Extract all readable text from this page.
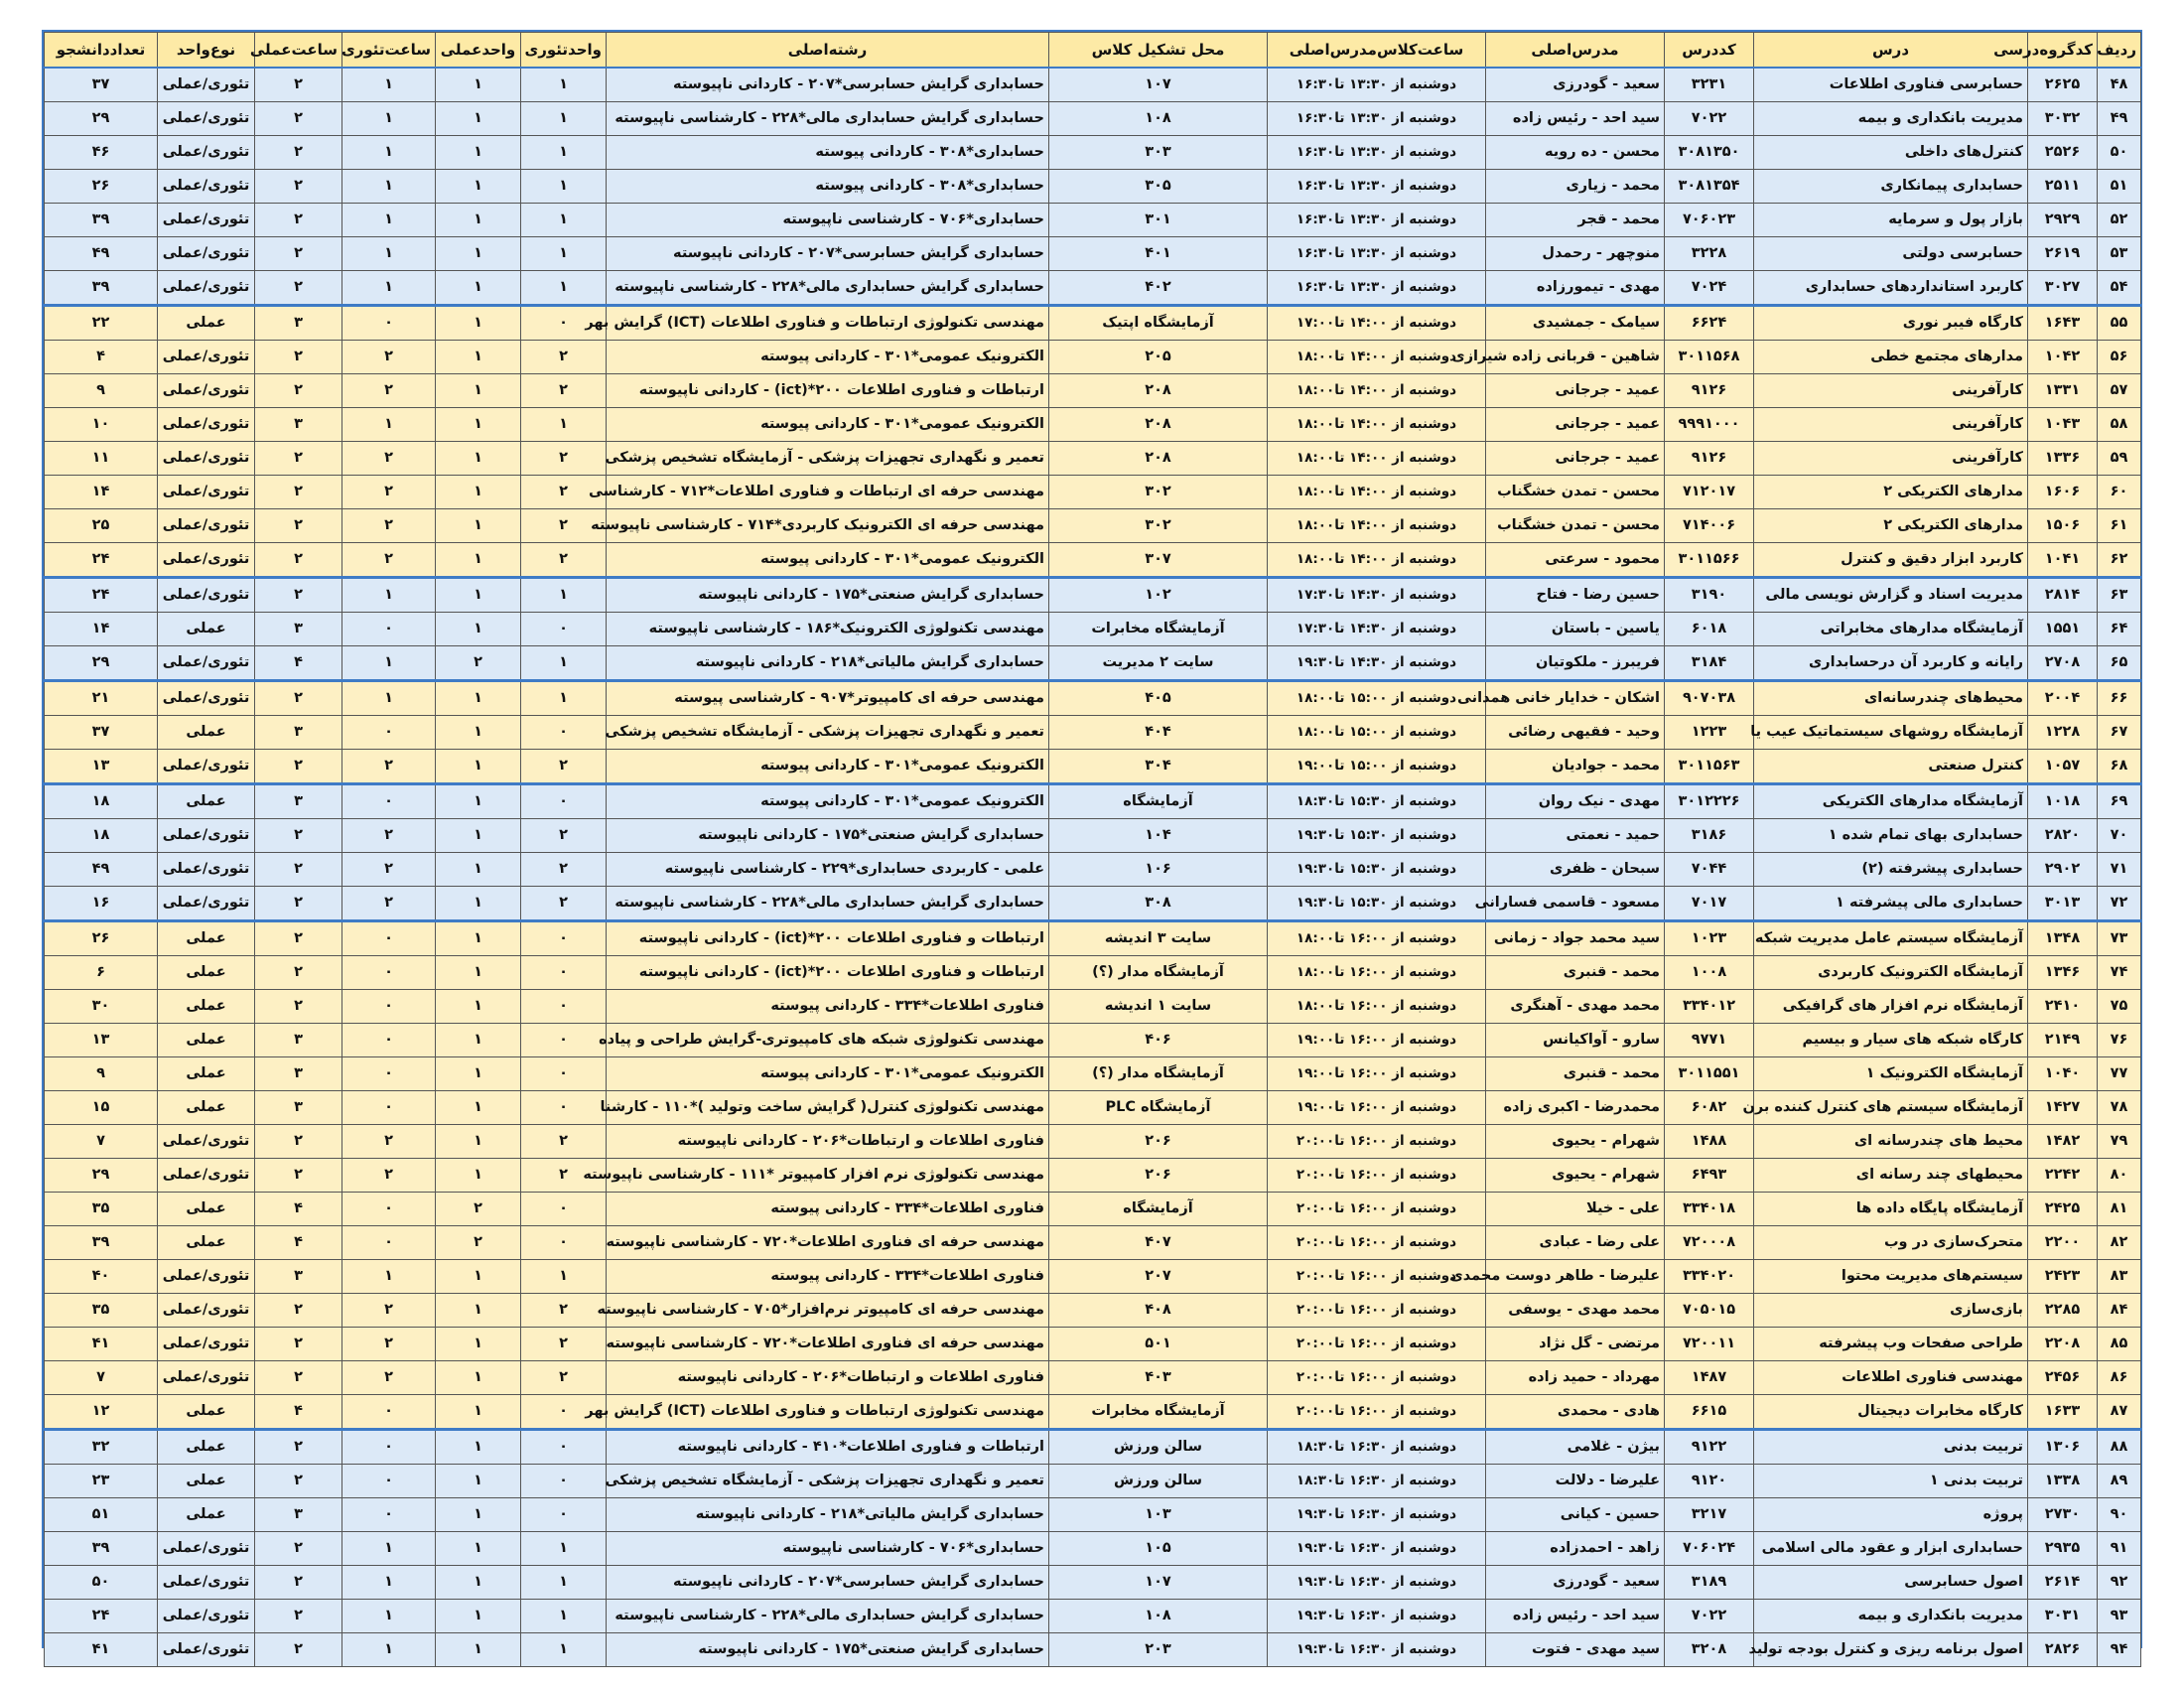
ردیف	کدگروه‌درسی	درس	کددرس	مدرس‌اصلی	ساعت‌کلاس‌مدرس‌اصلی	محل تشکیل کلاس	رشته‌اصلی	واحدتئوری	واحدعملی	ساعت‌تئوری	ساعت‌عملی	نوع‌واحد	تعداددانشجو
۴۸	۲۶۲۵	حسابرسی فناوری اطلاعات	۳۲۳۱	سعید - گودرزی	دوشنبه از ۱۳:۳۰ تا۱۶:۳۰	۱۰۷	حسابداری گرایش حسابرسی*۲۰۷ - کاردانی ناپیوسته	۱	۱	۱	۲	تئوری/عملی	۳۷
۴۹	۳۰۳۲	مدیریت بانکداری و بیمه	۷۰۲۲	سید احد - رئیس زاده	دوشنبه از ۱۳:۳۰ تا۱۶:۳۰	۱۰۸	حسابداری گرایش حسابداری مالی*۲۲۸ - کارشناسی ناپیوسته	۱	۱	۱	۲	تئوری/عملی	۲۹
۵۰	۲۵۲۶	کنترل‌های داخلی	۳۰۸۱۳۵۰	محسن - ده رویه	دوشنبه از ۱۳:۳۰ تا۱۶:۳۰	۳۰۳	حسابداری*۳۰۸ - کاردانی پیوسته	۱	۱	۱	۲	تئوری/عملی	۴۶
۵۱	۲۵۱۱	حسابداری پیمانکاری	۳۰۸۱۳۵۴	محمد - زیاری	دوشنبه از ۱۳:۳۰ تا۱۶:۳۰	۳۰۵	حسابداری*۳۰۸ - کاردانی پیوسته	۱	۱	۱	۲	تئوری/عملی	۲۶
۵۲	۲۹۲۹	بازار پول و سرمایه	۷۰۶۰۲۳	محمد - قجر	دوشنبه از ۱۳:۳۰ تا۱۶:۳۰	۳۰۱	حسابداری*۷۰۶ - کارشناسی ناپیوسته	۱	۱	۱	۲	تئوری/عملی	۳۹
۵۳	۲۶۱۹	حسابرسی دولتی	۳۲۲۸	منوچهر - رحمدل	دوشنبه از ۱۳:۳۰ تا۱۶:۳۰	۴۰۱	حسابداری گرایش حسابرسی*۲۰۷ - کاردانی ناپیوسته	۱	۱	۱	۲	تئوری/عملی	۴۹
۵۴	۳۰۲۷	کاربرد استانداردهای حسابداری	۷۰۲۴	مهدی - تیمورزاده	دوشنبه از ۱۳:۳۰ تا۱۶:۳۰	۴۰۲	حسابداری گرایش حسابداری مالی*۲۲۸ - کارشناسی ناپیوسته	۱	۱	۱	۲	تئوری/عملی	۳۹
۵۵	۱۶۴۳	کارگاه فیبر نوری	۶۶۲۴	سیامک - جمشیدی	دوشنبه از ۱۴:۰۰ تا۱۷:۰۰	آزمایشگاه اپتیک	مهندسی تکنولوژی ارتباطات و فناوری اطلاعات (ICT) گرایش بهر	۰	۱	۰	۳	عملی	۲۲
۵۶	۱۰۴۲	مدارهای مجتمع خطی	۳۰۱۱۵۶۸	شاهین - قربانی زاده شیرازی	دوشنبه از ۱۴:۰۰ تا۱۸:۰۰	۲۰۵	الکترونیک عمومی*۳۰۱ - کاردانی پیوسته	۲	۱	۲	۲	تئوری/عملی	۴
۵۷	۱۳۳۱	کارآفرینی	۹۱۲۶	عمید - جرجانی	دوشنبه از ۱۴:۰۰ تا۱۸:۰۰	۲۰۸	ارتباطات و فناوری اطلاعات ۲۰۰*(ict) - کاردانی ناپیوسته	۲	۱	۲	۲	تئوری/عملی	۹
۵۸	۱۰۴۳	کارآفرینی	۹۹۹۱۰۰۰	عمید - جرجانی	دوشنبه از ۱۴:۰۰ تا۱۸:۰۰	۲۰۸	الکترونیک عمومی*۳۰۱ - کاردانی پیوسته	۱	۱	۱	۳	تئوری/عملی	۱۰
۵۹	۱۳۳۶	کارآفرینی	۹۱۲۶	عمید - جرجانی	دوشنبه از ۱۴:۰۰ تا۱۸:۰۰	۲۰۸	تعمیر و نگهداری تجهیزات پزشکی - آزمایشگاه تشخیص پزشکی	۲	۱	۲	۲	تئوری/عملی	۱۱
۶۰	۱۶۰۶	مدارهای الکتریکی ۲	۷۱۲۰۱۷	محسن - تمدن خشگناب	دوشنبه از ۱۴:۰۰ تا۱۸:۰۰	۳۰۲	مهندسی حرفه ای ارتباطات و فناوری اطلاعات*۷۱۲ - کارشناسی	۲	۱	۲	۲	تئوری/عملی	۱۴
۶۱	۱۵۰۶	مدارهای الکتریکی ۲	۷۱۴۰۰۶	محسن - تمدن خشگناب	دوشنبه از ۱۴:۰۰ تا۱۸:۰۰	۳۰۲	مهندسی حرفه ای الکترونیک کاربردی*۷۱۴ - کارشناسی ناپیوسته	۲	۱	۲	۲	تئوری/عملی	۲۵
۶۲	۱۰۴۱	کاربرد ابزار دقیق و کنترل	۳۰۱۱۵۶۶	محمود - سرعتی	دوشنبه از ۱۴:۰۰ تا۱۸:۰۰	۳۰۷	الکترونیک عمومی*۳۰۱ - کاردانی پیوسته	۲	۱	۲	۲	تئوری/عملی	۲۴
۶۳	۲۸۱۴	مدیریت اسناد و گزارش نویسی مالی	۳۱۹۰	حسین رضا - فتاح	دوشنبه از ۱۴:۳۰ تا۱۷:۳۰	۱۰۲	حسابداری گرایش صنعتی*۱۷۵ - کاردانی ناپیوسته	۱	۱	۱	۲	تئوری/عملی	۲۴
۶۴	۱۵۵۱	آزمایشگاه مدارهای مخابراتی	۶۰۱۸	یاسین - باستان	دوشنبه از ۱۴:۳۰ تا۱۷:۳۰	آزمایشگاه مخابرات	مهندسی تکنولوژی الکترونیک*۱۸۶ - کارشناسی ناپیوسته	۰	۱	۰	۳	عملی	۱۴
۶۵	۲۷۰۸	رایانه و کاربرد آن درحسابداری	۳۱۸۴	فریبرز - ملکوتیان	دوشنبه از ۱۴:۳۰ تا۱۹:۳۰	سایت ۲ مدیریت	حسابداری گرایش مالیاتی*۲۱۸ - کاردانی ناپیوسته	۱	۲	۱	۴	تئوری/عملی	۲۹
۶۶	۲۰۰۴	محیط‌های چندرسانه‌ای	۹۰۷۰۳۸	اشکان - خدایار خانی همدانی	دوشنبه از ۱۵:۰۰ تا۱۸:۰۰	۴۰۵	مهندسی حرفه ای کامپیوتر*۹۰۷ - کارشناسی پیوسته	۱	۱	۱	۲	تئوری/عملی	۲۱
۶۷	۱۲۲۸	آزمایشگاه روشهای سیستماتیک عیب یا	۱۲۲۳	وحید - فقیهی رضائی	دوشنبه از ۱۵:۰۰ تا۱۸:۰۰	۴۰۴	تعمیر و نگهداری تجهیزات پزشکی - آزمایشگاه تشخیص پزشکی	۰	۱	۰	۳	عملی	۳۷
۶۸	۱۰۵۷	کنترل صنعتی	۳۰۱۱۵۶۳	محمد - جوادیان	دوشنبه از ۱۵:۰۰ تا۱۹:۰۰	۳۰۴	الکترونیک عمومی*۳۰۱ - کاردانی پیوسته	۲	۱	۲	۲	تئوری/عملی	۱۳
۶۹	۱۰۱۸	آزمایشگاه مدارهای الکتریکی	۳۰۱۲۲۲۶	مهدی - نیک روان	دوشنبه از ۱۵:۳۰ تا۱۸:۳۰	آزمایشگاه	الکترونیک عمومی*۳۰۱ - کاردانی پیوسته	۰	۱	۰	۳	عملی	۱۸
۷۰	۲۸۲۰	حسابداری بهای تمام شده ۱	۳۱۸۶	حمید - نعمتی	دوشنبه از ۱۵:۳۰ تا۱۹:۳۰	۱۰۴	حسابداری گرایش صنعتی*۱۷۵ - کاردانی ناپیوسته	۲	۱	۲	۲	تئوری/عملی	۱۸
۷۱	۲۹۰۲	حسابداری پیشرفته (۲)	۷۰۴۴	سبحان - ظفری	دوشنبه از ۱۵:۳۰ تا۱۹:۳۰	۱۰۶	علمی - کاربردی حسابداری*۲۲۹ - کارشناسی ناپیوسته	۲	۱	۲	۲	تئوری/عملی	۴۹
۷۲	۳۰۱۳	حسابداری مالی پیشرفته ۱	۷۰۱۷	مسعود - قاسمی فسارانی	دوشنبه از ۱۵:۳۰ تا۱۹:۳۰	۳۰۸	حسابداری گرایش حسابداری مالی*۲۲۸ - کارشناسی ناپیوسته	۲	۱	۲	۲	تئوری/عملی	۱۶
۷۳	۱۳۴۸	آزمایشگاه سیستم عامل مدیریت شبکه	۱۰۲۳	سید محمد جواد - زمانی	دوشنبه از ۱۶:۰۰ تا۱۸:۰۰	سایت ۳ اندیشه	ارتباطات و فناوری اطلاعات ۲۰۰*(ict) - کاردانی ناپیوسته	۰	۱	۰	۲	عملی	۲۶
۷۴	۱۳۴۶	آزمایشگاه الکترونیک کاربردی	۱۰۰۸	محمد - قنبری	دوشنبه از ۱۶:۰۰ تا۱۸:۰۰	آزمایشگاه مدار (؟)	ارتباطات و فناوری اطلاعات ۲۰۰*(ict) - کاردانی ناپیوسته	۰	۱	۰	۲	عملی	۶
۷۵	۲۴۱۰	آزمایشگاه نرم افزار های گرافیکی	۳۳۴۰۱۲	محمد مهدی - آهنگری	دوشنبه از ۱۶:۰۰ تا۱۸:۰۰	سایت ۱ اندیشه	فناوری اطلاعات*۳۳۴ - کاردانی پیوسته	۰	۱	۰	۲	عملی	۳۰
۷۶	۲۱۴۹	کارگاه شبکه های سیار و بیسیم	۹۷۷۱	سارو - آواکیانس	دوشنبه از ۱۶:۰۰ تا۱۹:۰۰	۴۰۶	مهندسی تکنولوژی شبکه های کامپیوتری-گرایش طراحی و پیاده	۰	۱	۰	۳	عملی	۱۳
۷۷	۱۰۴۰	آزمایشگاه الکترونیک ۱	۳۰۱۱۵۵۱	محمد - قنبری	دوشنبه از ۱۶:۰۰ تا۱۹:۰۰	آزمایشگاه مدار (؟)	الکترونیک عمومی*۳۰۱ - کاردانی پیوسته	۰	۱	۰	۳	عملی	۹
۷۸	۱۴۲۷	آزمایشگاه سیستم های کنترل کننده برن	۶۰۸۲	محمدرضا - اکبری زاده	دوشنبه از ۱۶:۰۰ تا۱۹:۰۰	آزمایشگاه PLC	مهندسی تکنولوژی کنترل( گرایش ساخت وتولید )*۱۱۰ - کارشنا	۰	۱	۰	۳	عملی	۱۵
۷۹	۱۴۸۲	محیط های چندرسانه ای	۱۴۸۸	شهرام - یحیوی	دوشنبه از ۱۶:۰۰ تا۲۰:۰۰	۲۰۶	فناوری اطلاعات و ارتباطات*۲۰۶ - کاردانی ناپیوسته	۲	۱	۲	۲	تئوری/عملی	۷
۸۰	۲۲۴۲	محیطهای چند رسانه ای	۶۴۹۳	شهرام - یحیوی	دوشنبه از ۱۶:۰۰ تا۲۰:۰۰	۲۰۶	مهندسی تکنولوژی نرم افزار کامپیوتر *۱۱۱ - کارشناسی ناپیوسته	۲	۱	۲	۲	تئوری/عملی	۲۹
۸۱	۲۴۲۵	آزمایشگاه پایگاه داده ها	۳۳۴۰۱۸	علی - خیلا	دوشنبه از ۱۶:۰۰ تا۲۰:۰۰	آزمایشگاه	فناوری اطلاعات*۳۳۴ - کاردانی پیوسته	۰	۲	۰	۴	عملی	۳۵
۸۲	۲۲۰۰	متحرک‌سازی در وب	۷۲۰۰۰۸	علی رضا - عبادی	دوشنبه از ۱۶:۰۰ تا۲۰:۰۰	۴۰۷	مهندسی حرفه ای فناوری اطلاعات*۷۲۰ - کارشناسی ناپیوسته	۰	۲	۰	۴	عملی	۳۹
۸۳	۲۴۲۳	سیستم‌های مدیریت محتوا	۳۳۴۰۲۰	علیرضا - طاهر دوست محمدی	دوشنبه از ۱۶:۰۰ تا۲۰:۰۰	۲۰۷	فناوری اطلاعات*۳۳۴ - کاردانی پیوسته	۱	۱	۱	۳	تئوری/عملی	۴۰
۸۴	۲۲۸۵	بازی‌سازی	۷۰۵۰۱۵	محمد مهدی - یوسفی	دوشنبه از ۱۶:۰۰ تا۲۰:۰۰	۴۰۸	مهندسی حرفه ای کامپیوتر نرم‌افزار*۷۰۵ - کارشناسی ناپیوسته	۲	۱	۲	۲	تئوری/عملی	۳۵
۸۵	۲۲۰۸	طراحی صفحات وب پیشرفته	۷۲۰۰۱۱	مرتضی - گل نژاد	دوشنبه از ۱۶:۰۰ تا۲۰:۰۰	۵۰۱	مهندسی حرفه ای فناوری اطلاعات*۷۲۰ - کارشناسی ناپیوسته	۲	۱	۲	۲	تئوری/عملی	۴۱
۸۶	۲۴۵۶	مهندسی فناوری اطلاعات	۱۴۸۷	مهرداد - حمید زاده	دوشنبه از ۱۶:۰۰ تا۲۰:۰۰	۴۰۳	فناوری اطلاعات و ارتباطات*۲۰۶ - کاردانی ناپیوسته	۲	۱	۲	۲	تئوری/عملی	۷
۸۷	۱۶۳۳	کارگاه مخابرات دیجیتال	۶۶۱۵	هادی - محمدی	دوشنبه از ۱۶:۰۰ تا۲۰:۰۰	آزمایشگاه مخابرات	مهندسی تکنولوژی ارتباطات و فناوری اطلاعات (ICT) گرایش بهر	۰	۱	۰	۴	عملی	۱۲
۸۸	۱۳۰۶	تربیت بدنی	۹۱۲۲	بیژن - غلامی	دوشنبه از ۱۶:۳۰ تا۱۸:۳۰	سالن ورزش	ارتباطات و فناوری اطلاعات*۴۱۰ - کاردانی ناپیوسته	۰	۱	۰	۲	عملی	۳۲
۸۹	۱۳۳۸	تربیت بدنی ۱	۹۱۲۰	علیرضا - دلالت	دوشنبه از ۱۶:۳۰ تا۱۸:۳۰	سالن ورزش	تعمیر و نگهداری تجهیزات پزشکی - آزمایشگاه تشخیص پزشکی	۰	۱	۰	۲	عملی	۲۳
۹۰	۲۷۳۰	پروژه	۳۲۱۷	حسین - کیانی	دوشنبه از ۱۶:۳۰ تا۱۹:۳۰	۱۰۳	حسابداری گرایش مالیاتی*۲۱۸ - کاردانی ناپیوسته	۰	۱	۰	۳	عملی	۵۱
۹۱	۲۹۳۵	حسابداری ابزار و عقود مالی اسلامی	۷۰۶۰۲۴	زاهد - احمدزاده	دوشنبه از ۱۶:۳۰ تا۱۹:۳۰	۱۰۵	حسابداری*۷۰۶ - کارشناسی ناپیوسته	۱	۱	۱	۲	تئوری/عملی	۳۹
۹۲	۲۶۱۴	اصول حسابرسی	۳۱۸۹	سعید - گودرزی	دوشنبه از ۱۶:۳۰ تا۱۹:۳۰	۱۰۷	حسابداری گرایش حسابرسی*۲۰۷ - کاردانی ناپیوسته	۱	۱	۱	۲	تئوری/عملی	۵۰
۹۳	۳۰۳۱	مدیریت بانکداری و بیمه	۷۰۲۲	سید احد - رئیس زاده	دوشنبه از ۱۶:۳۰ تا۱۹:۳۰	۱۰۸	حسابداری گرایش حسابداری مالی*۲۲۸ - کارشناسی ناپیوسته	۱	۱	۱	۲	تئوری/عملی	۲۴
۹۴	۲۸۲۶	اصول برنامه ریزی و کنترل بودجه تولید	۳۲۰۸	سید مهدی - فتوت	دوشنبه از ۱۶:۳۰ تا۱۹:۳۰	۲۰۳	حسابداری گرایش صنعتی*۱۷۵ - کاردانی ناپیوسته	۱	۱	۱	۲	تئوری/عملی	۴۱
